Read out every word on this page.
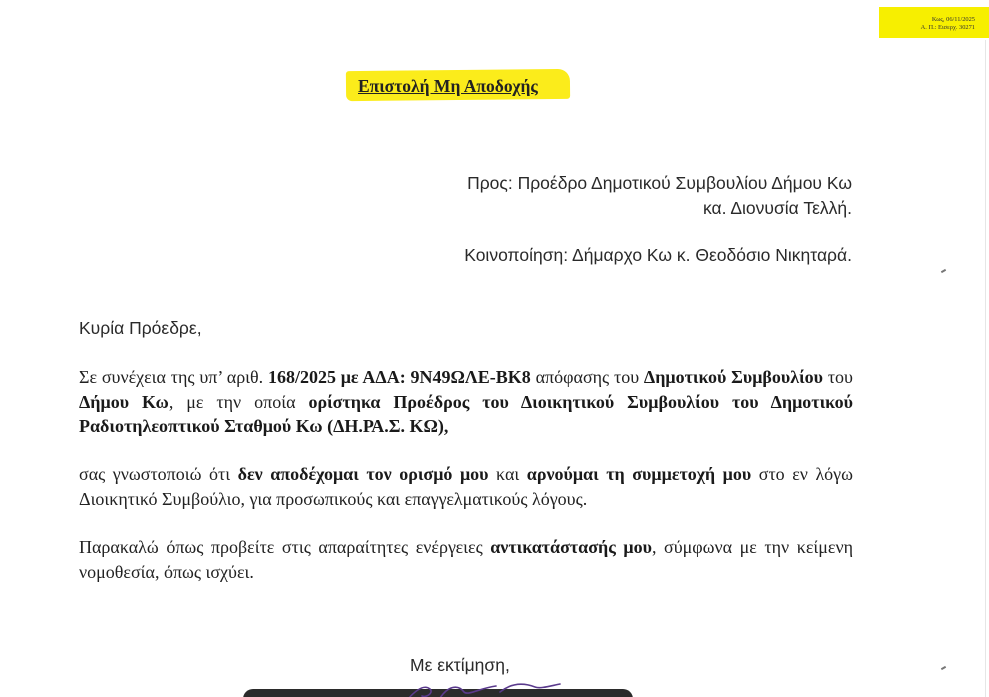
Κως, 06/11/2025
Α. Π.: Εισερχ. 30271
Επιστολή Μη Αποδοχής
Προς: Προέδρο Δημοτικού Συμβουλίου Δήμου Κω
κα. Διονυσία Τελλή.
Κοινοποίηση: Δήμαρχο Κω κ. Θεοδόσιο Νικηταρά.
Κυρία Πρόεδρε,
Σε συνέχεια της υπ’ αριθ. 168/2025 με ΑΔΑ: 9Ν49ΩΛΕ-ΒΚ8 απόφασης του Δημοτικού Συμβουλίου του Δήμου Κω, με την οποία ορίστηκα Προέδρος του Διοικητικού Συμβουλίου του Δημοτικού Ραδιοτηλεοπτικού Σταθμού Κω (ΔΗ.ΡΑ.Σ. ΚΩ),
σας γνωστοποιώ ότι δεν αποδέχομαι τον ορισμό μου και αρνούμαι τη συμμετοχή μου στο εν λόγω Διοικητικό Συμβούλιο, για προσωπικούς και επαγγελματικούς λόγους.
Παρακαλώ όπως προβείτε στις απαραίτητες ενέργειες αντικατάστασής μου, σύμφωνα με την κείμενη νομοθεσία, όπως ισχύει.
Με εκτίμηση,
